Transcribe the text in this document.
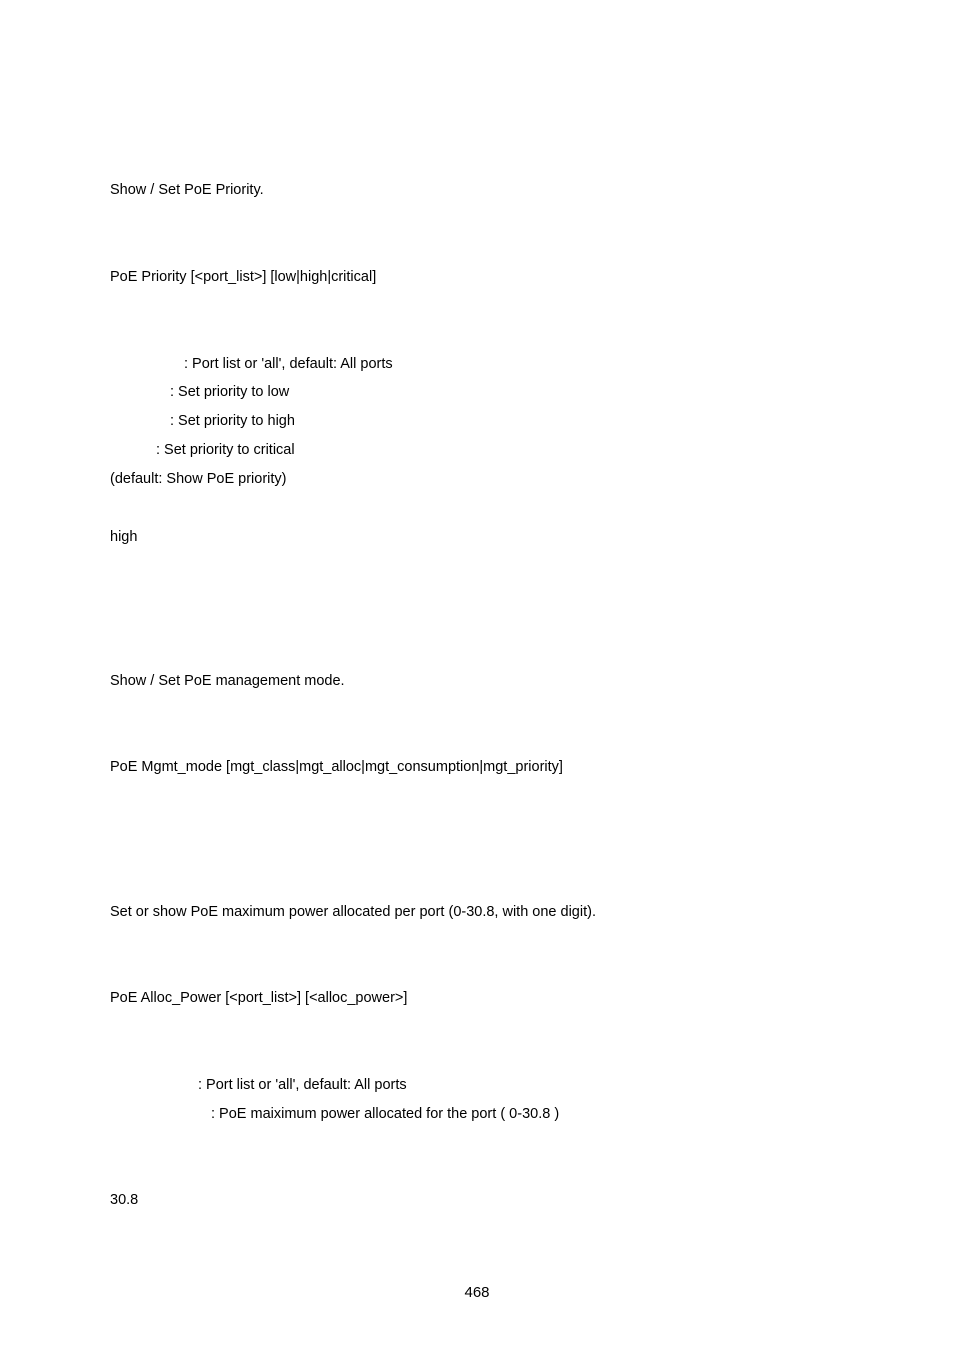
Show / Set PoE Priority.
PoE Priority [<port_list>] [low|high|critical]
: Port list or 'all', default: All ports
: Set priority to low
: Set priority to high
: Set priority to critical
(default: Show PoE priority)
high
Show / Set PoE management mode.
PoE Mgmt_mode [mgt_class|mgt_alloc|mgt_consumption|mgt_priority]
Set or show PoE maximum power allocated per port (0-30.8, with one digit).
PoE Alloc_Power [<port_list>] [<alloc_power>]
: Port list or 'all', default: All ports
: PoE maiximum power allocated for the port ( 0-30.8 )
30.8
468
